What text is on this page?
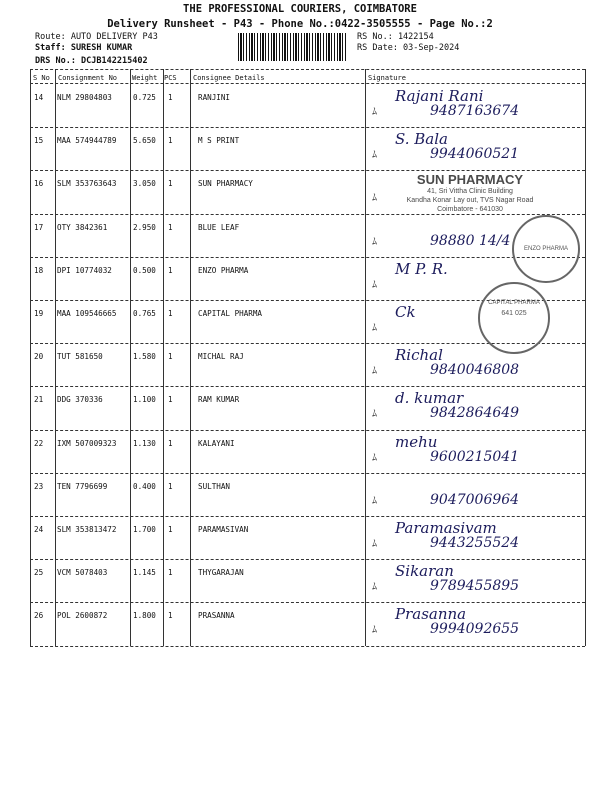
THE PROFESSIONAL COURIERS, COIMBATORE
Delivery Runsheet - P43 - Phone No.:0422-3505555 - Page No.:2
Route: AUTO DELIVERY P43
Staff: SURESH KUMAR
DRS No.: DCJB142215402
RS No.: 1422154
RS Date: 03-Sep-2024
S No Consignment No Weight PCS Consignee Details	Signature
14 NLM 29804803	0.725 1	RANJINI
ﾑ
Rajani Rani
9487163674
15 MAA 574944789 5.650 1	M S PRINT
ﾑ
S. Bala
9944060521
16 SLM 353763643 3.050 1	SUN PHARMACY
ﾑ
17 OTY 3842361	2.950 1	BLUE LEAF
ﾑ	98880 14/4
18 DPI 10774032	0.500 1	ENZO PHARMA
ﾑ
M P. R.
19 MAA 109546665 0.765 1	CAPITAL PHARMA
ﾑ
Ck
20 TUT 581650	1.580 1	MICHAL RAJ
ﾑ
Richal
9840046808
21 DDG 370336	1.100 1	RAM KUMAR
ﾑ
d. kumar
9842864649
22 IXM 507009323 1.130 1	KALAYANI
ﾑ
mehu
9600215041
23 TEN 7796699	0.400 1	SULTHAN
ﾑ	9047006964
24 SLM 353813472 1.700 1	PARAMASIVAN
ﾑ
Paramasivam
9443255524
25 VCM 5078403	1.145 1	THYGARAJAN
ﾑ
Sikaran
9789455895
26 POL 2600872	1.800 1	PRASANNA
ﾑ
Prasanna
9994092655
SUN PHARMACY
41, Sri Vittha Clinic Building
Kandha Konar Lay out, TVS Nagar Road
Coimbatore - 641030
ENZO PHARMA
CAPITAL PHARMA
641 025
